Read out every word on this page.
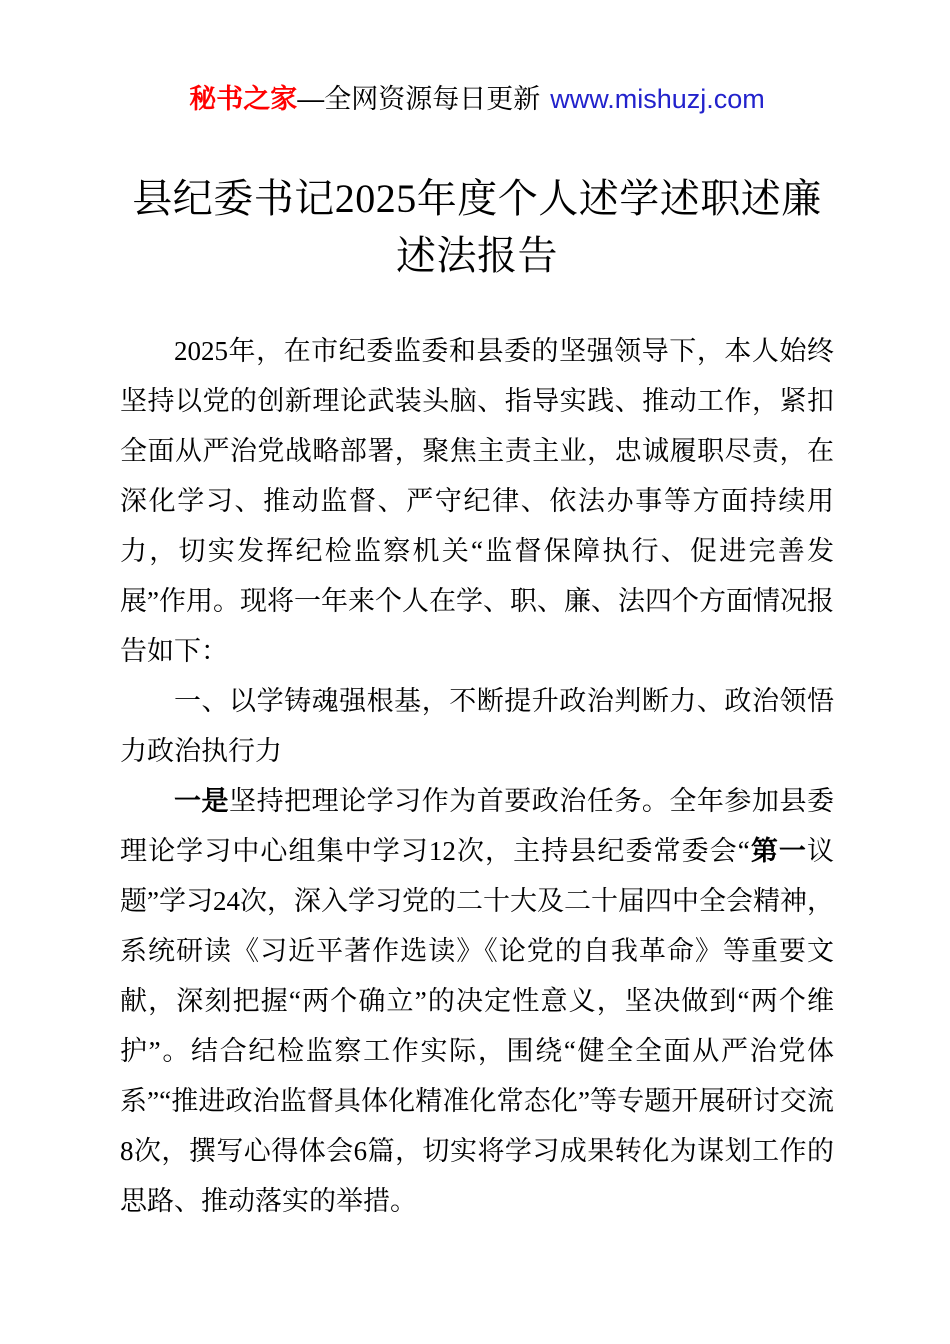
秘书之家—全网资源每日更新 www.mishuzj.com
县纪委书记2025年度个人述学述职述廉述法报告

2025年，在市纪委监委和县委的坚强领导下，本人始终坚持以党的创新理论武装头脑、指导实践、推动工作，紧扣全面从严治党战略部署，聚焦主责主业，忠诚履职尽责，在深化学习、推动监督、严守纪律、依法办事等方面持续用力，切实发挥纪检监察机关“监督保障执行、促进完善发展”作用。现将一年来个人在学、职、廉、法四个方面情况报告如下：

一、以学铸魂强根基，不断提升政治判断力、政治领悟力政治执行力

一是坚持把理论学习作为首要政治任务。全年参加县委理论学习中心组集中学习12次，主持县纪委常委会“第一议题”学习24次，深入学习党的二十大及二十届四中全会精神，系统研读《习近平著作选读》《论党的自我革命》等重要文献，深刻把握“两个确立”的决定性意义，坚决做到“两个维护”。结合纪检监察工作实际，围绕“健全全面从严治党体系”“推进政治监督具体化精准化常态化”等专题开展研讨交流8次，撰写心得体会6篇，切实将学习成果转化为谋划工作的思路、推动落实的举措。
